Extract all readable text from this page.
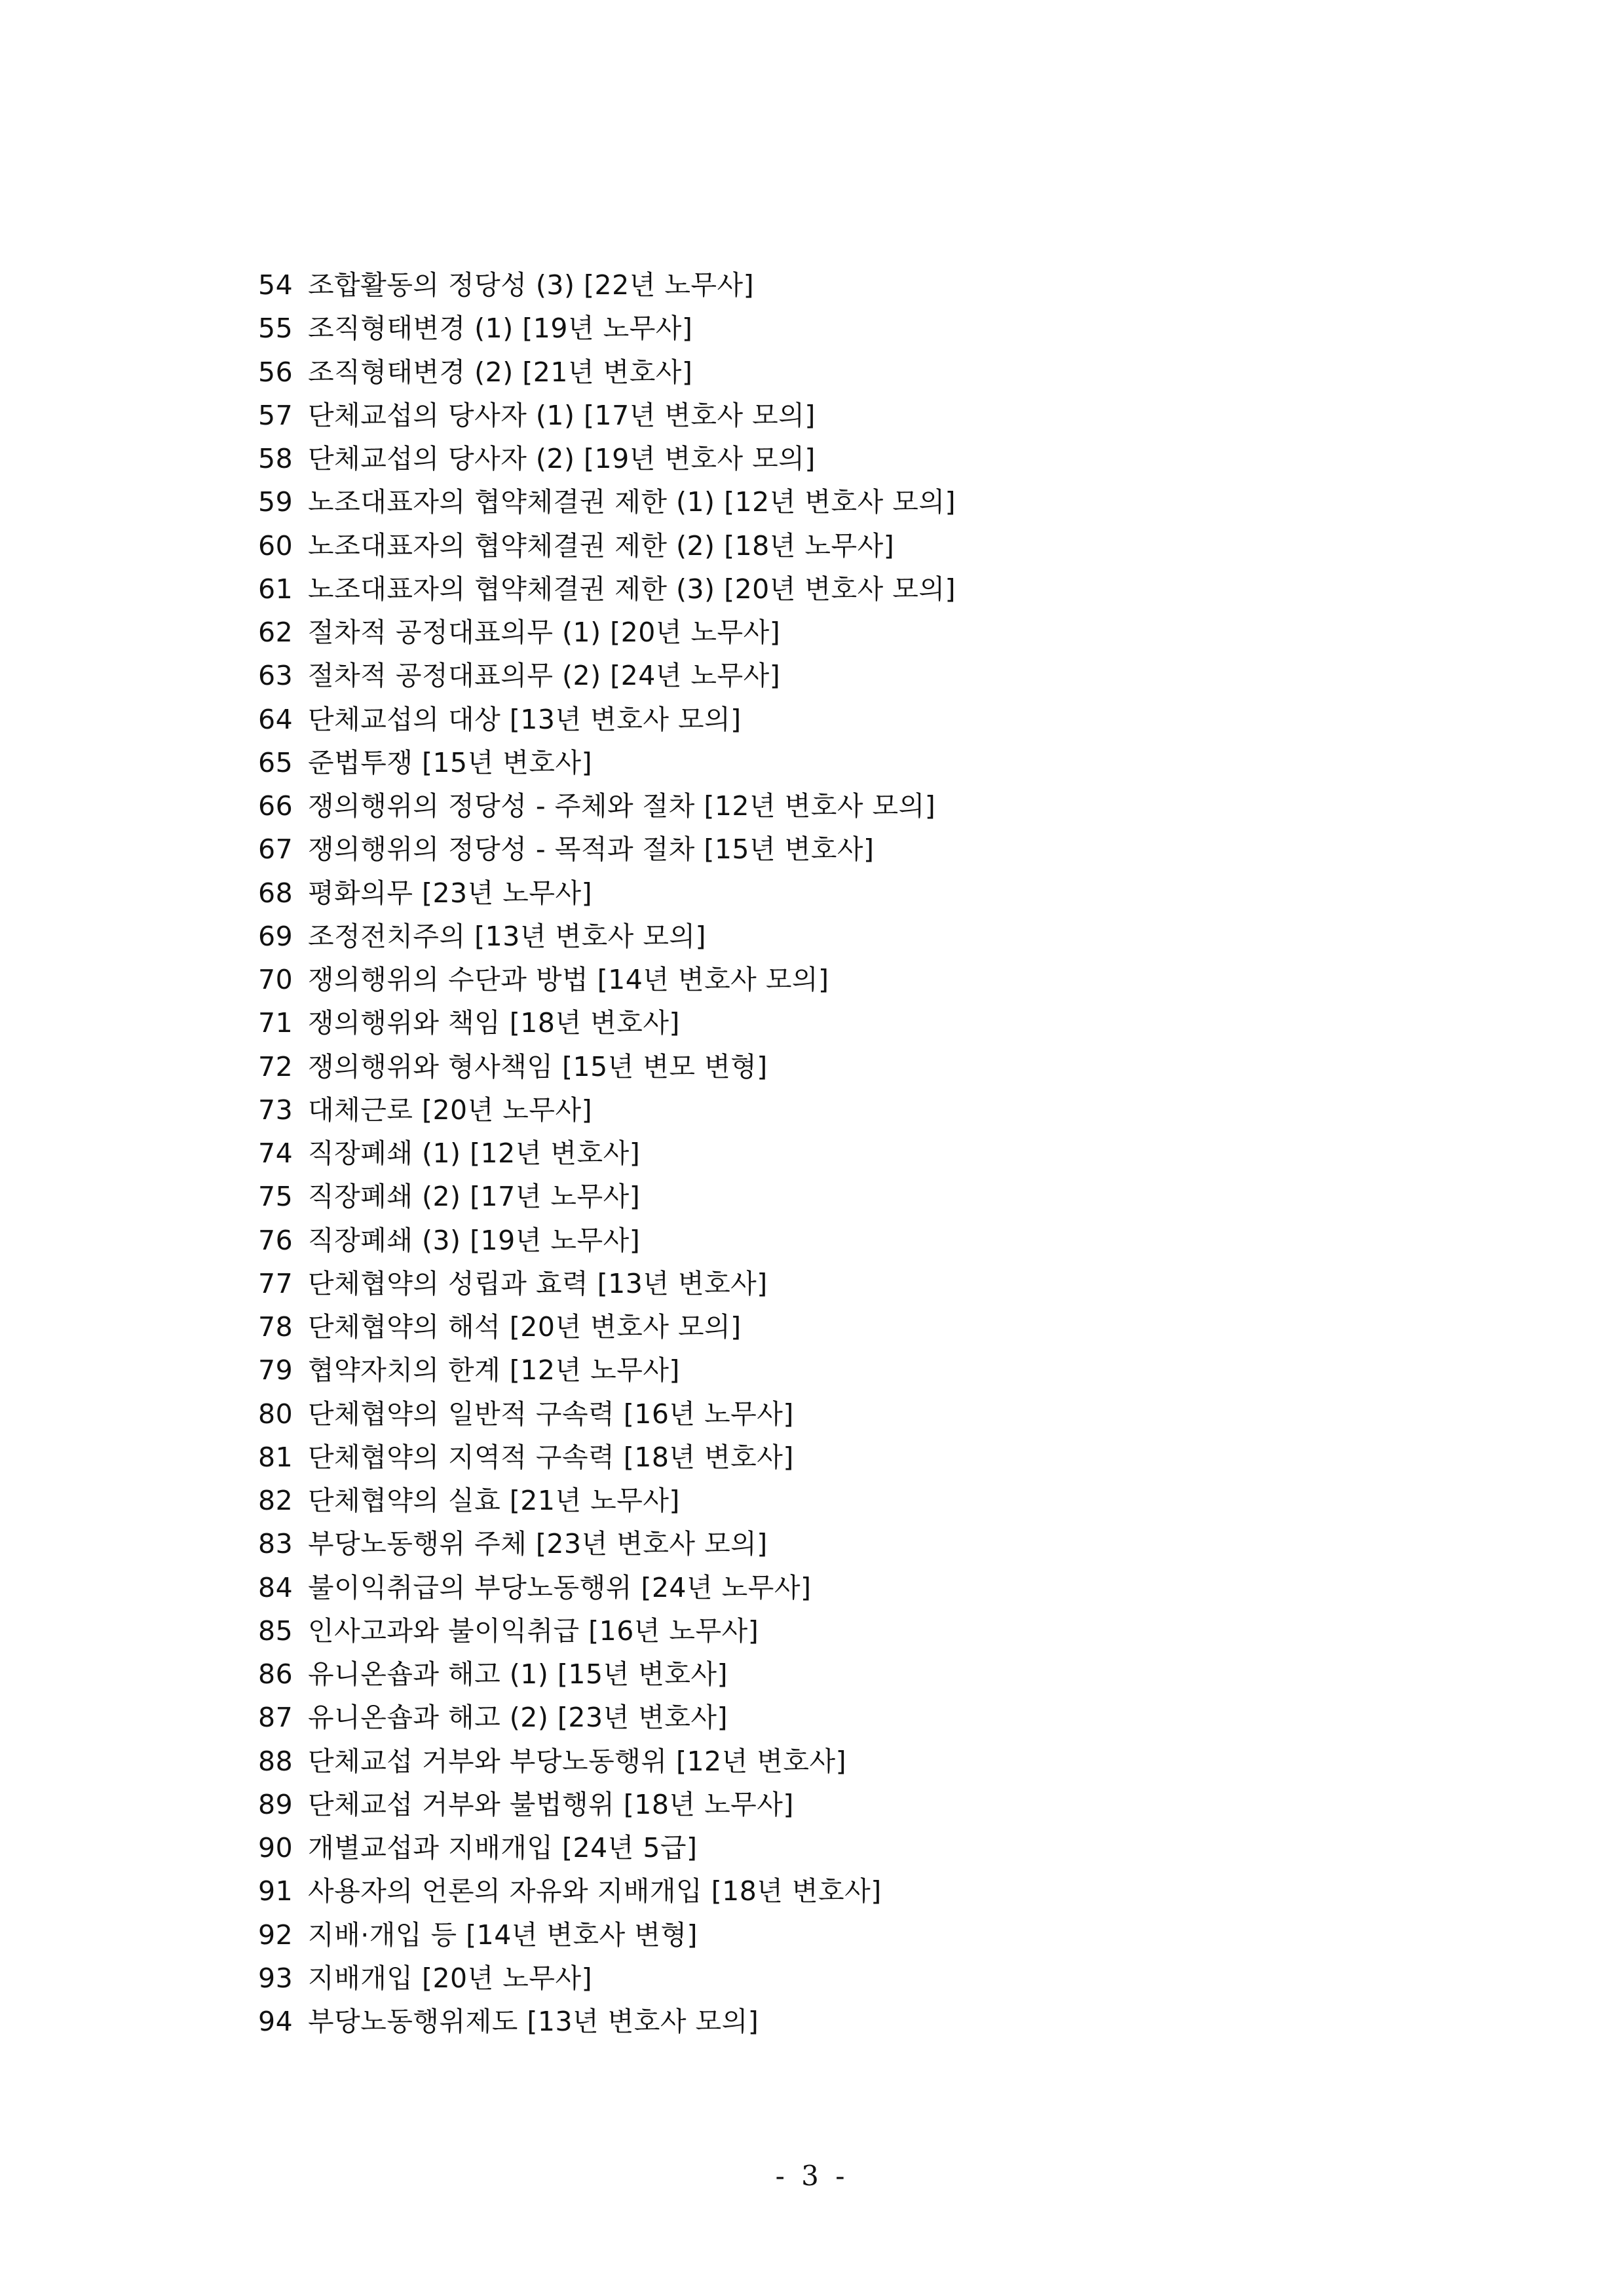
54 조합활동의 정당성 (3) [22년 노무사]
55 조직형태변경 (1) [19년 노무사]
56 조직형태변경 (2) [21년 변호사]
57 단체교섭의 당사자 (1) [17년 변호사 모의]
58 단체교섭의 당사자 (2) [19년 변호사 모의]
59 노조대표자의 협약체결권 제한 (1) [12년 변호사 모의]
60 노조대표자의 협약체결권 제한 (2) [18년 노무사]
61 노조대표자의 협약체결권 제한 (3) [20년 변호사 모의]
62 절차적 공정대표의무 (1) [20년 노무사]
63 절차적 공정대표의무 (2) [24년 노무사]
64 단체교섭의 대상 [13년 변호사 모의]
65 준법투쟁 [15년 변호사]
66 쟁의행위의 정당성 - 주체와 절차 [12년 변호사 모의]
67 쟁의행위의 정당성 - 목적과 절차 [15년 변호사]
68 평화의무 [23년 노무사]
69 조정전치주의 [13년 변호사 모의]
70 쟁의행위의 수단과 방법 [14년 변호사 모의]
71 쟁의행위와 책임 [18년 변호사]
72 쟁의행위와 형사책임 [15년 변모 변형]
73 대체근로 [20년 노무사]
74 직장폐쇄 (1) [12년 변호사]
75 직장폐쇄 (2) [17년 노무사]
76 직장폐쇄 (3) [19년 노무사]
77 단체협약의 성립과 효력 [13년 변호사]
78 단체협약의 해석 [20년 변호사 모의]
79 협약자치의 한계 [12년 노무사]
80 단체협약의 일반적 구속력 [16년 노무사]
81 단체협약의 지역적 구속력 [18년 변호사]
82 단체협약의 실효 [21년 노무사]
83 부당노동행위 주체 [23년 변호사 모의]
84 불이익취급의 부당노동행위 [24년 노무사]
85 인사고과와 불이익취급 [16년 노무사]
86 유니온숍과 해고 (1) [15년 변호사]
87 유니온숍과 해고 (2) [23년 변호사]
88 단체교섭 거부와 부당노동행위 [12년 변호사]
89 단체교섭 거부와 불법행위 [18년 노무사]
90 개별교섭과 지배개입 [24년 5급]
91 사용자의 언론의 자유와 지배개입 [18년 변호사]
92 지배·개입 등 [14년 변호사 변형]
93 지배개입 [20년 노무사]
94 부당노동행위제도 [13년 변호사 모의]
- 3 -
